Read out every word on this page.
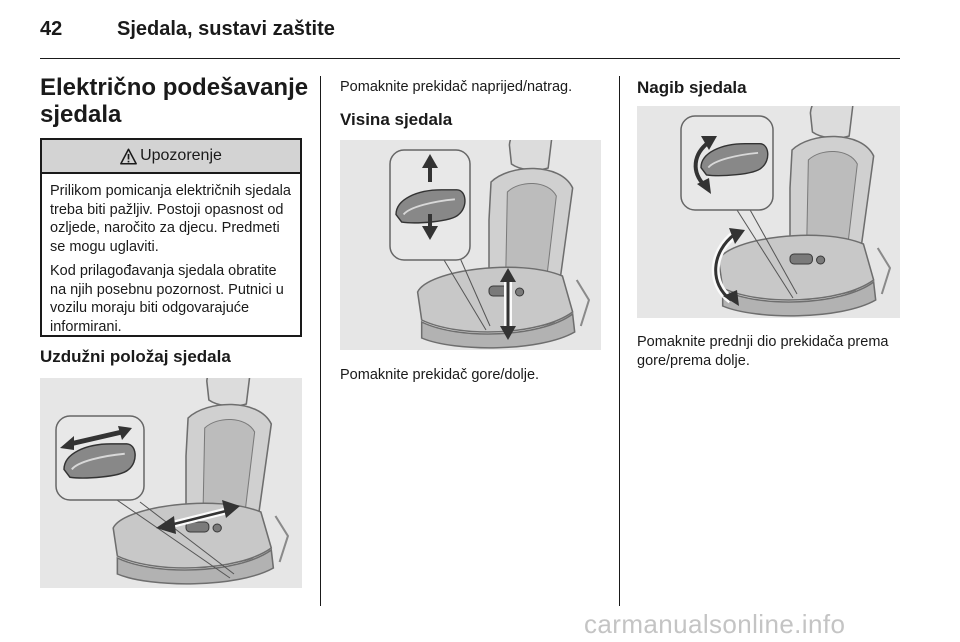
42	Sjedala, sustavi zaštite
Električno podešavanje sjedala
Upozorenje

Prilikom pomicanja električnih sjedala treba biti pažljiv. Postoji opasnost od ozljede, naročito za djecu. Predmeti se mogu uglaviti.

Kod prilagođavanja sjedala obratite na njih posebnu pozornost. Putnici u vozilu moraju biti odgovarajuće informirani.

Uzdužni položaj sjedala

Pomaknite prekidač naprijed/natrag.

Visina sjedala

Pomaknite prekidač gore/dolje.

Nagib sjedala

Pomaknite prednji dio prekidača prema gore/prema dolje.

carmanualsonline.info
